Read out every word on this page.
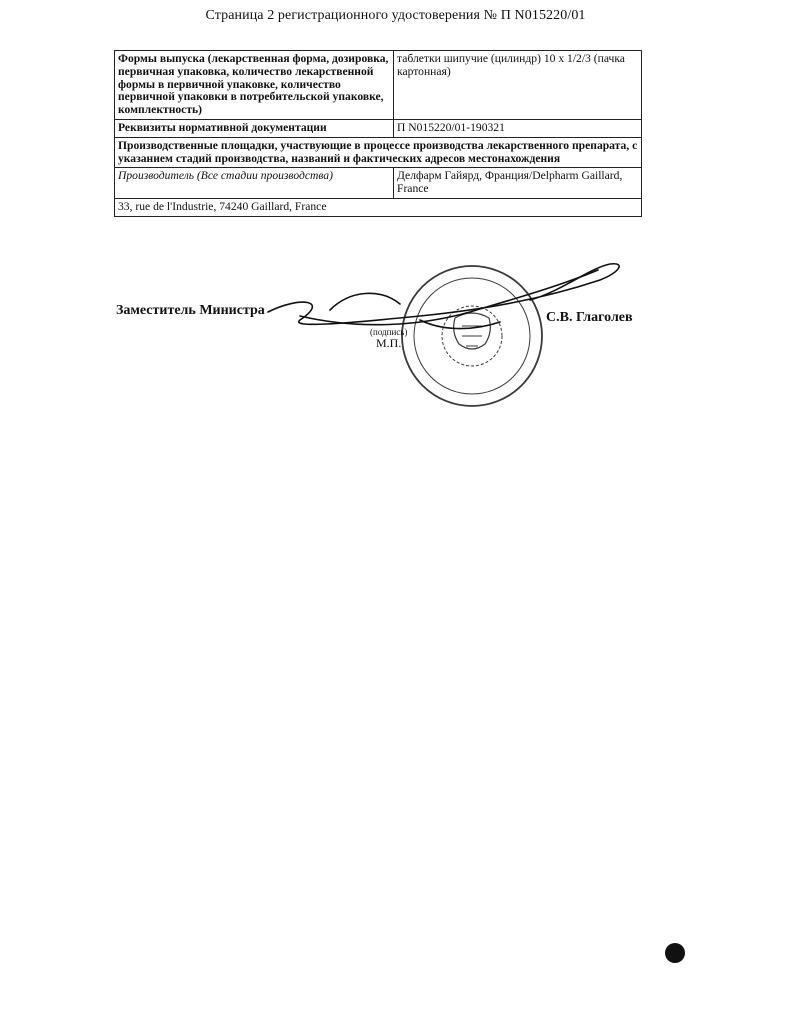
Страница 2 регистрационного удостоверения № П N015220/01
Формы выпуска (лекарственная форма, дозировка, первичная упаковка, количество лекарственной формы в первичной упаковке, количество первичной упаковки в потребительской упаковке, комплектность)	таблетки шипучие (цилиндр) 10 x 1/2/3 (пачка картонная)
Реквизиты нормативной документации	П N015220/01-190321
Производственные площадки, участвующие в процессе производства лекарственного препарата, с указанием стадий производства, названий и фактических адресов местонахождения	
Производитель (Все стадии производства)	Делфарм Гайярд, Франция/Delpharm Gaillard, France
33, rue de l'Industrie, 74240 Gaillard, France	
Заместитель Министра	С.В. Глаголев
(подпись)
М.П.
